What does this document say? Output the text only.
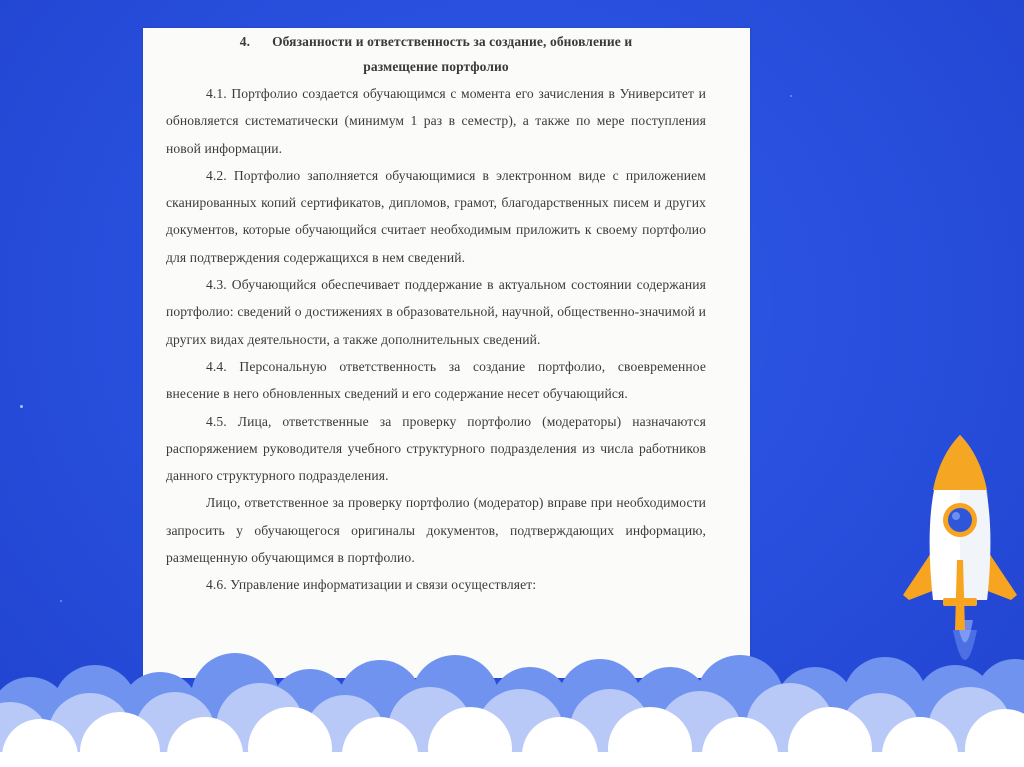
4. Обязанности и ответственность за создание, обновление и
размещение портфолио

4.1. Портфолио создается обучающимся с момента его зачисления в Университет и обновляется систематически (минимум 1 раз в семестр), а также по мере поступления новой информации.

4.2. Портфолио заполняется обучающимися в электронном виде с приложением сканированных копий сертификатов, дипломов, грамот, благодарственных писем и других документов, которые обучающийся считает необходимым приложить к своему портфолио для подтверждения содержащихся в нем сведений.

4.3. Обучающийся обеспечивает поддержание в актуальном состоянии содержания портфолио: сведений о достижениях в образовательной, научной, общественно-значимой и других видах деятельности, а также дополнительных сведений.

4.4. Персональную ответственность за создание портфолио, своевременное внесение в него обновленных сведений и его содержание несет обучающийся.

4.5. Лица, ответственные за проверку портфолио (модераторы) назначаются распоряжением руководителя учебного структурного подразделения из числа работников данного структурного подразделения.

Лицо, ответственное за проверку портфолио (модератор) вправе при необходимости запросить у обучающегося оригиналы документов, подтверждающих информацию, размещенную обучающимся в портфолио.

4.6. Управление информатизации и связи осуществляет:
